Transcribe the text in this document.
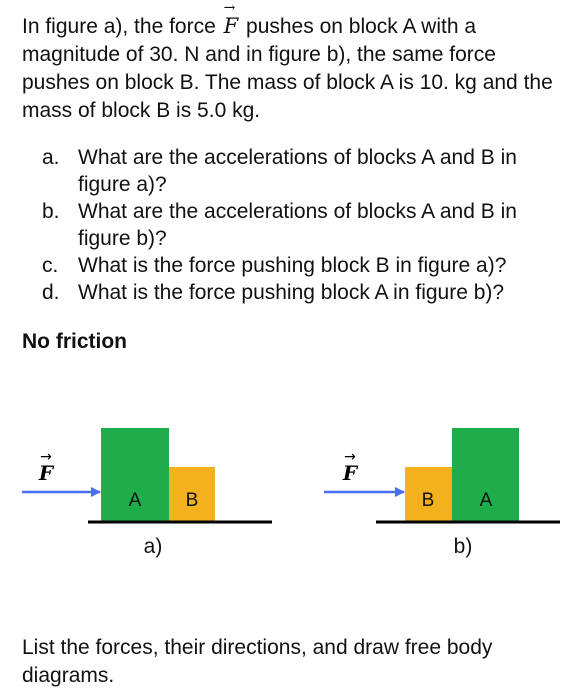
In figure a), the force
→
F pushes on block A with a magnitude of 30. N and in figure b), the same force pushes on block B. The mass of block A is 10. kg and the mass of block B is 5.0 kg.

a. What are the accelerations of blocks A and B in figure a)?
b. What are the accelerations of blocks A and B in figure b)?
c. What is the force pushing block B in figure a)?
d. What is the force pushing block A in figure b)?

No friction

F
→
A B
a)
F
→
B A
b)

List the forces, their directions, and draw free body diagrams.
